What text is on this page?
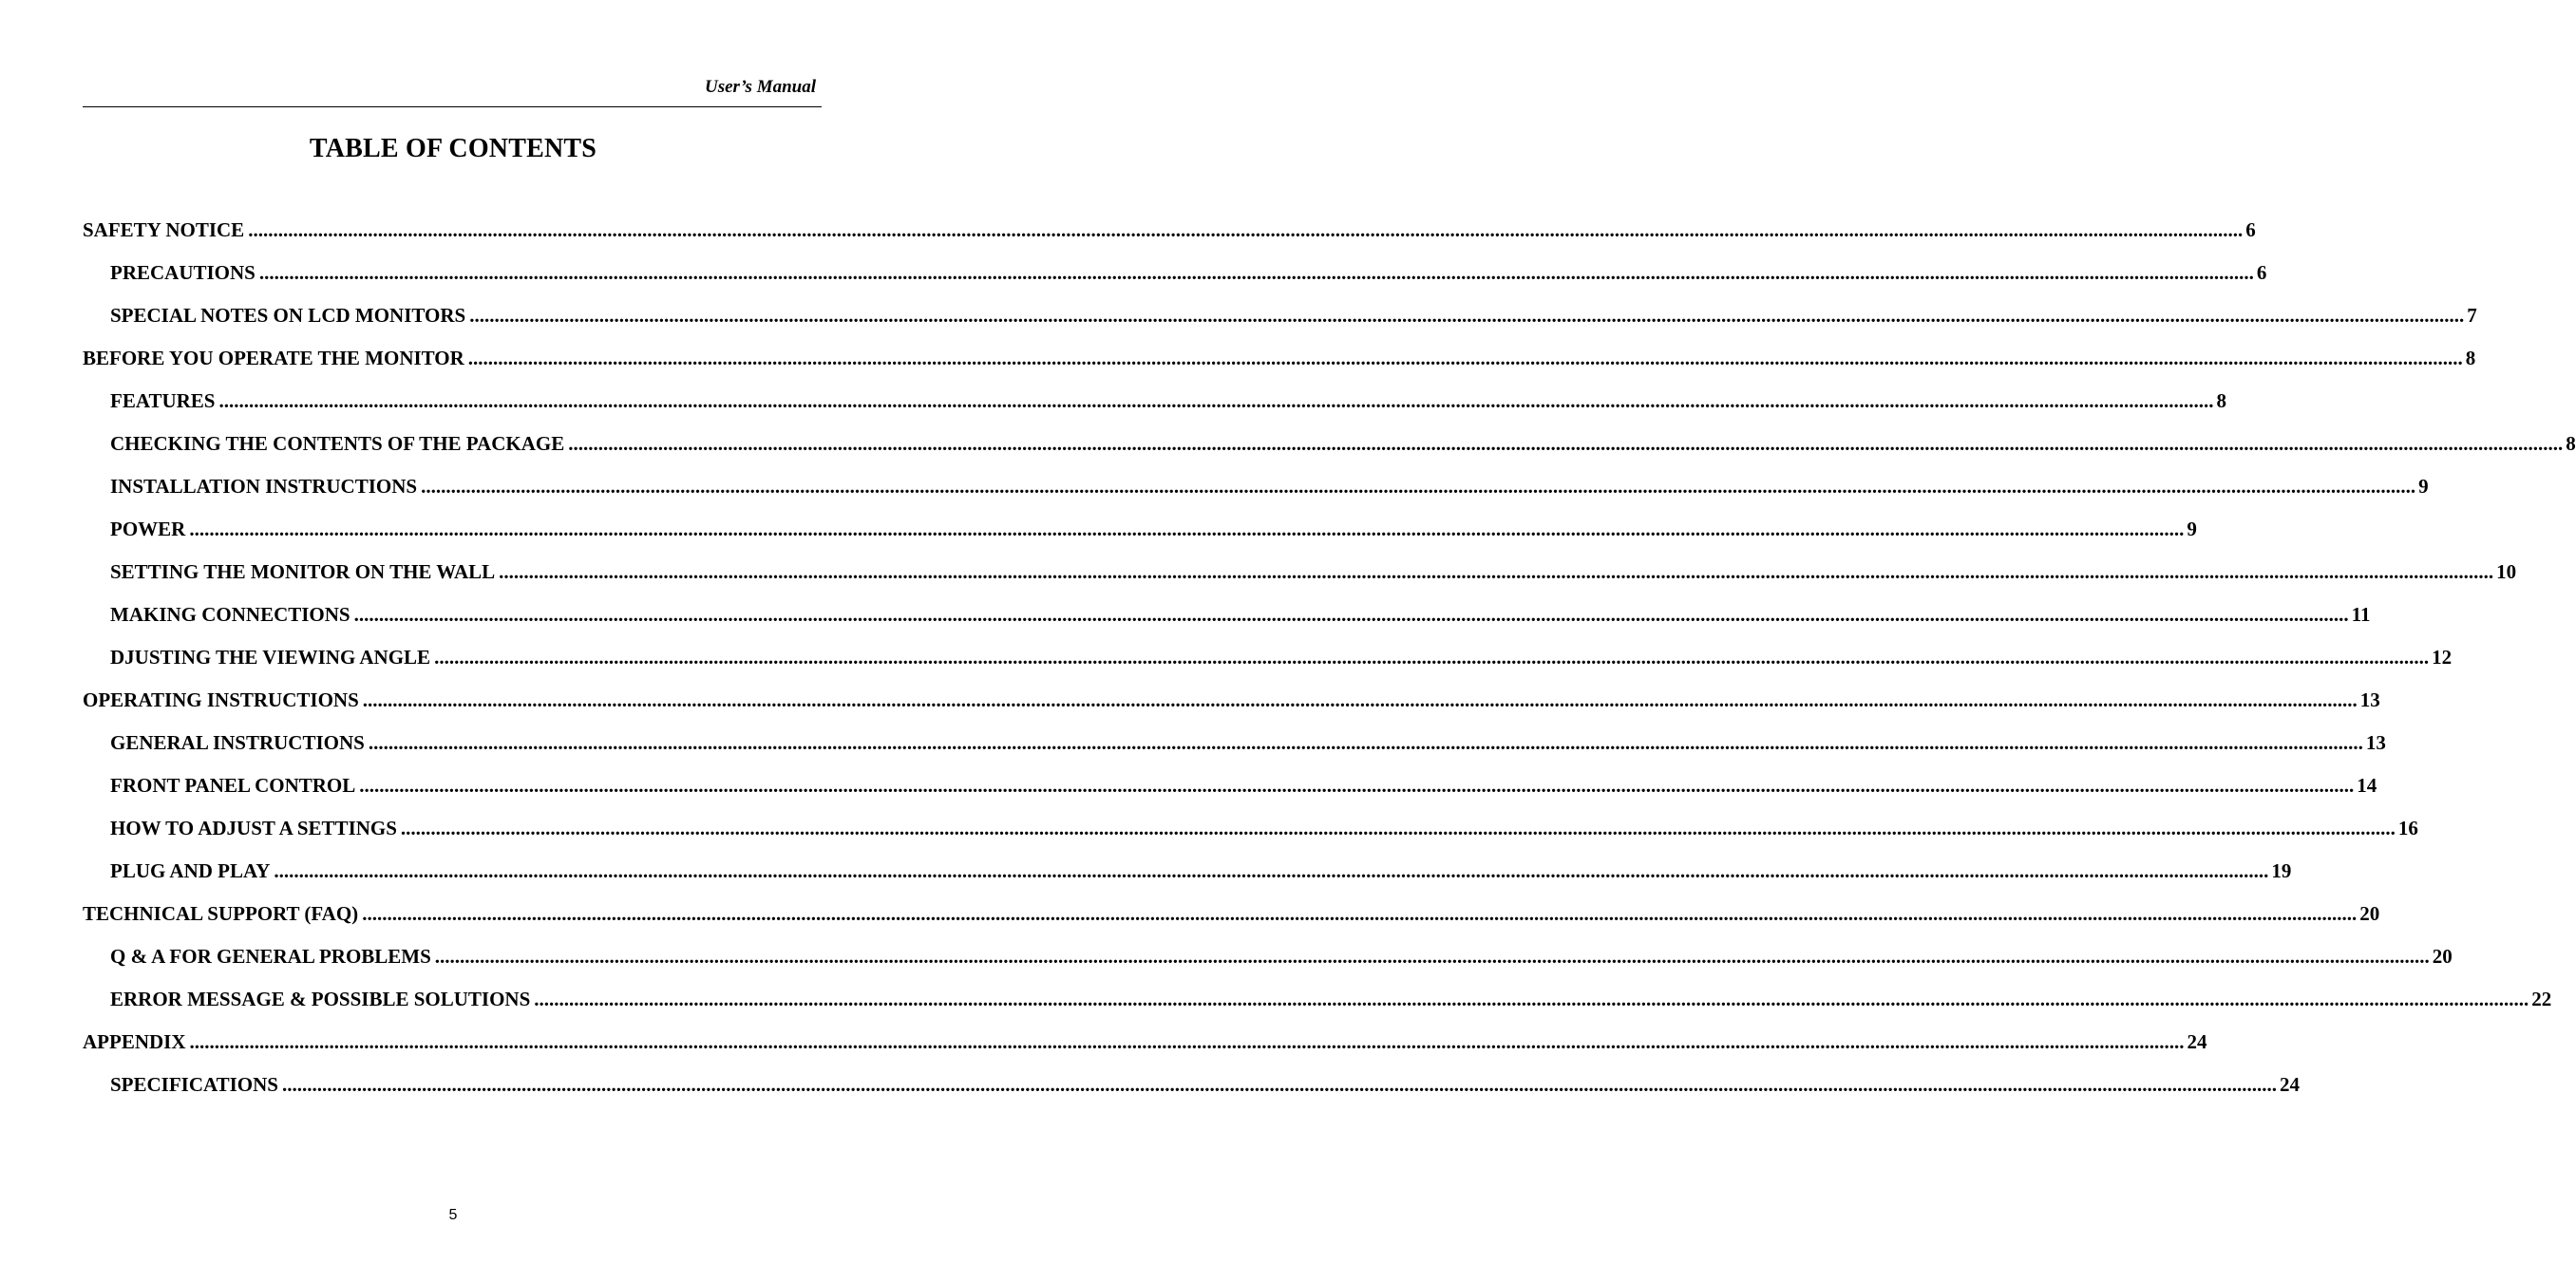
User’s Manual
TABLE OF CONTENTS
SAFETY NOTICE ................................................................................................................................................................................................................................................................................................................................................................................................................ 6
PRECAUTIONS ................................................................................................................................................................................................................................................................................................................................................................................................................ 6
SPECIAL NOTES ON LCD MONITORS ................................................................................................................................................................................................................................................................................................................................................................................................................ 7
BEFORE YOU OPERATE THE MONITOR ................................................................................................................................................................................................................................................................................................................................................................................................................ 8
FEATURES ................................................................................................................................................................................................................................................................................................................................................................................................................ 8
CHECKING THE CONTENTS OF THE PACKAGE ................................................................................................................................................................................................................................................................................................................................................................................................................ 8
INSTALLATION INSTRUCTIONS ................................................................................................................................................................................................................................................................................................................................................................................................................ 9
POWER ................................................................................................................................................................................................................................................................................................................................................................................................................ 9
SETTING THE MONITOR ON THE WALL ................................................................................................................................................................................................................................................................................................................................................................................................................ 10
MAKING CONNECTIONS ................................................................................................................................................................................................................................................................................................................................................................................................................ 11
DJUSTING THE VIEWING ANGLE ................................................................................................................................................................................................................................................................................................................................................................................................................ 12
OPERATING INSTRUCTIONS ................................................................................................................................................................................................................................................................................................................................................................................................................ 13
GENERAL INSTRUCTIONS ................................................................................................................................................................................................................................................................................................................................................................................................................ 13
FRONT PANEL CONTROL ................................................................................................................................................................................................................................................................................................................................................................................................................ 14
HOW TO ADJUST A SETTINGS ................................................................................................................................................................................................................................................................................................................................................................................................................ 16
PLUG AND PLAY ................................................................................................................................................................................................................................................................................................................................................................................................................ 19
TECHNICAL SUPPORT (FAQ) ................................................................................................................................................................................................................................................................................................................................................................................................................ 20
Q & A FOR GENERAL PROBLEMS ................................................................................................................................................................................................................................................................................................................................................................................................................ 20
ERROR MESSAGE & POSSIBLE SOLUTIONS ................................................................................................................................................................................................................................................................................................................................................................................................................ 22
APPENDIX ................................................................................................................................................................................................................................................................................................................................................................................................................ 24
SPECIFICATIONS ................................................................................................................................................................................................................................................................................................................................................................................................................ 24
5
